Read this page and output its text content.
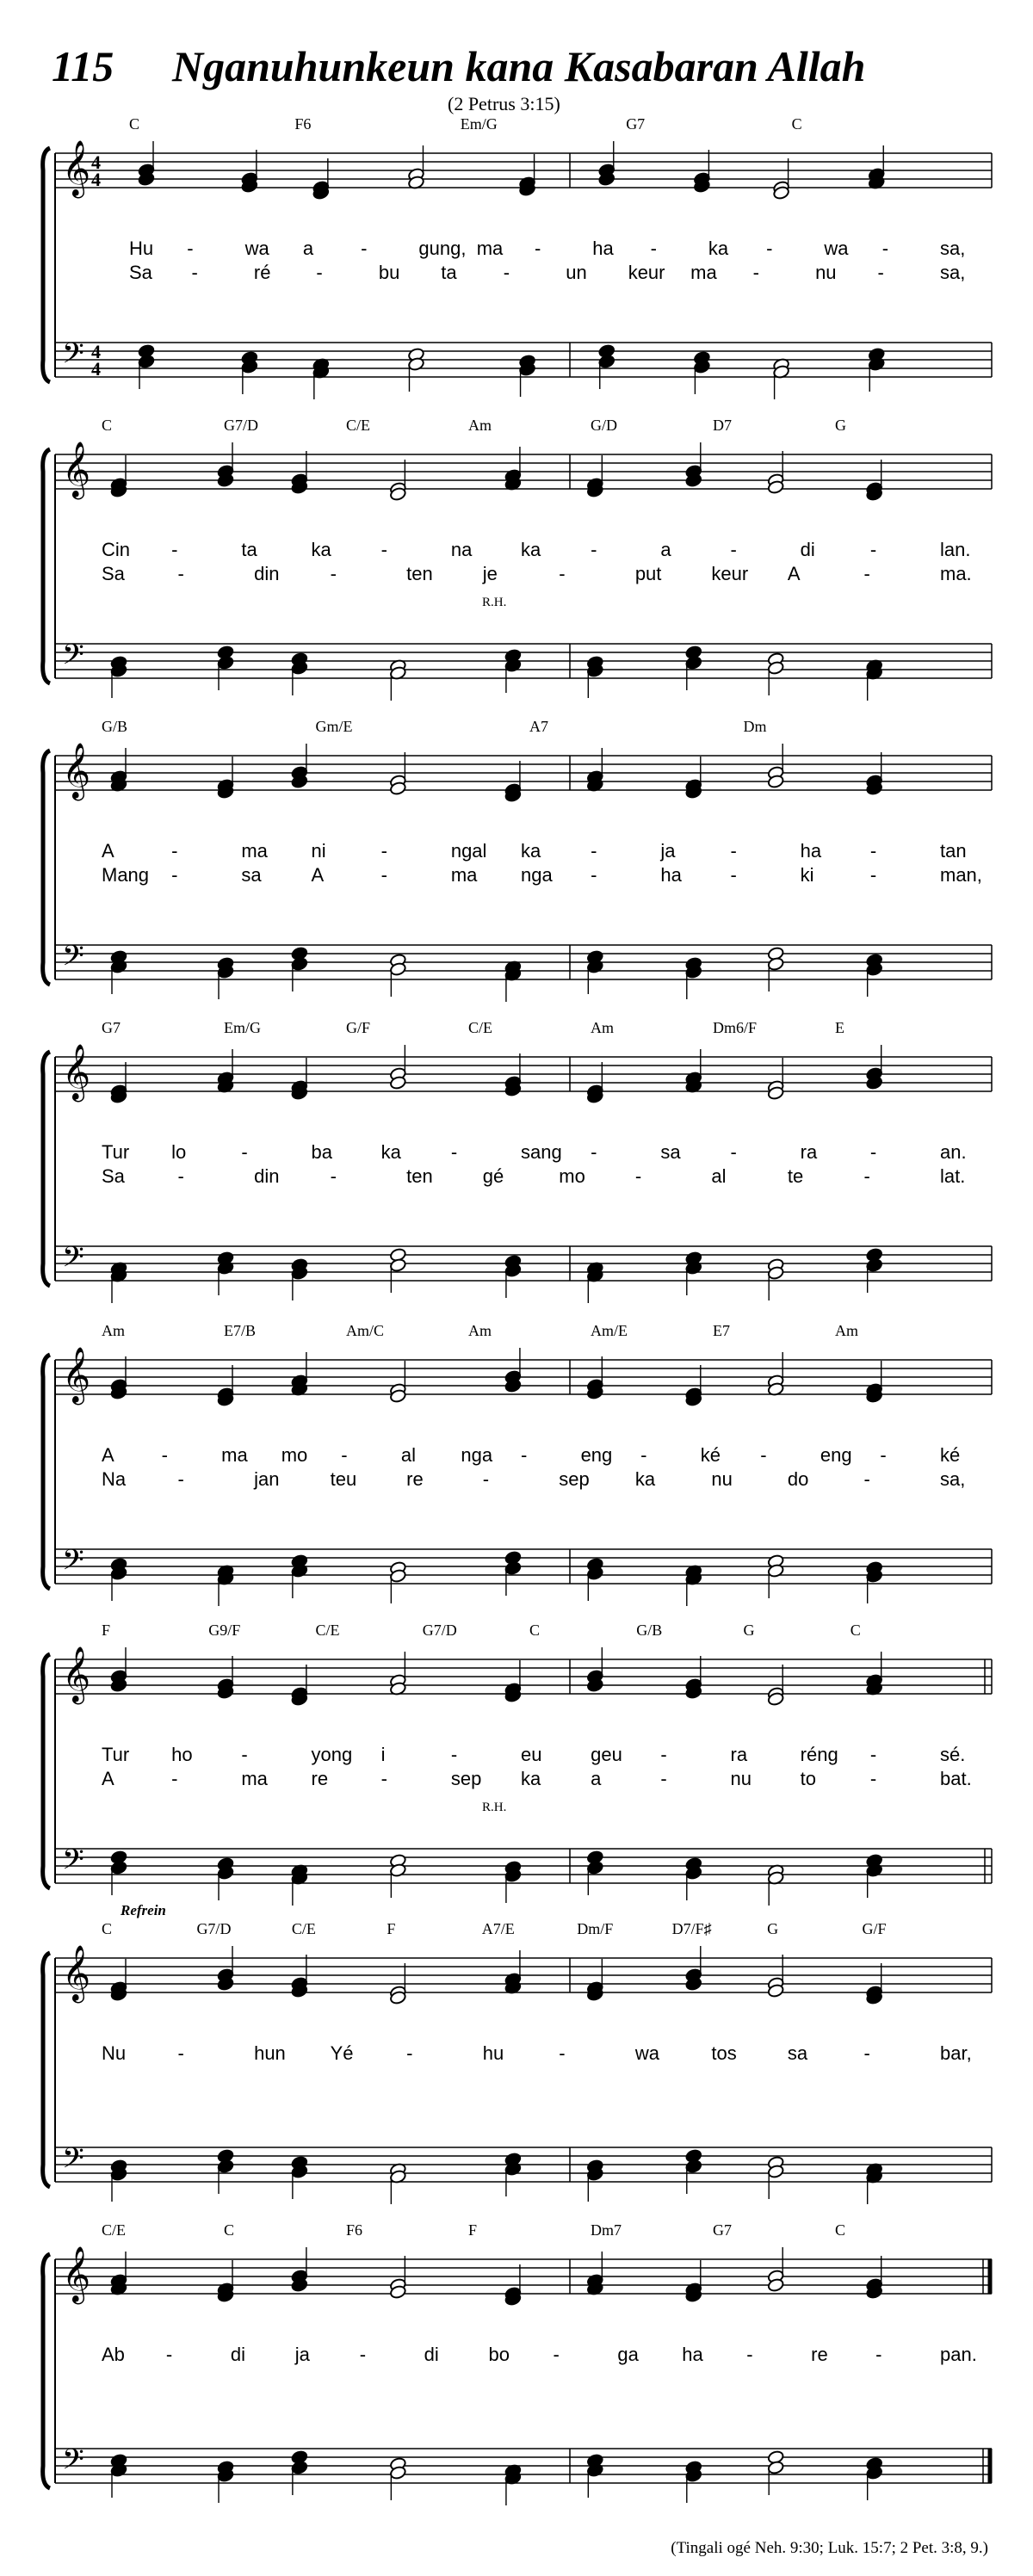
115 Nganuhunkeun kana Kasabaran Allah
(2 Petrus 3:15)
𝄞
𝄢
4
4
4
4
C	F6	Em/G	G7	C
Hu -	wa a	-	gung, ma -	ha -	ka -	wa -	sa,
Sa -	ré -	bu ta -	un keur ma -	nu -	sa,
𝄞
𝄢
C	G7/D	C/E	Am	G/D	D7	G
Cin -	ta	ka	-	na	ka	-	a	-	di	-	lan.
Sa	-	din	-	ten	je	-	put	keur A	-	ma.
R.H.
𝄞
𝄢
G/B	Gm/E	A7	Dm
A	-	ma ni	-	ngal ka	-	ja	-	ha	-	tan
Mang -	sa	A	-	ma nga -	ha	-	ki	-	man,
𝄞
𝄢
G7	Em/G	G/F	C/E	Am	Dm6/F	E
Tur lo	-	ba	ka	-	sang -	sa	-	ra	-	an.
Sa	-	din	-	ten	gé	mo	-	al	te	-	lat.
𝄞
𝄢
Am	E7/B	Am/C	Am	Am/E	E7	Am
A -	ma mo -	al nga -	eng -	ké -	eng -	ké
Na	-	jan	teu	re	-	sep ka	nu	do	-	sa,
𝄞
𝄢
F	G9/F	C/E	G7/D	C	G/B	G	C
Tur ho	-	yong i	-	eu	geu -	ra	réng -	sé.
A	-	ma re	-	sep ka	a	-	nu	to	-	bat.
R.H.
𝄞
𝄢
Refrein
C	G7/D	C/E	F	A7/E	Dm/F	D7/F♯	G	G/F
Nu	-	hun Yé	-	hu	-	wa	tos	sa	-	bar,
𝄞
𝄢
C/E	C	F6	F	Dm7	G7	C
Ab -	di	ja	-	di	bo -	ga ha -	re	-	pan.
(Tingali ogé Neh. 9:30; Luk. 15:7; 2 Pet. 3:8, 9.)
